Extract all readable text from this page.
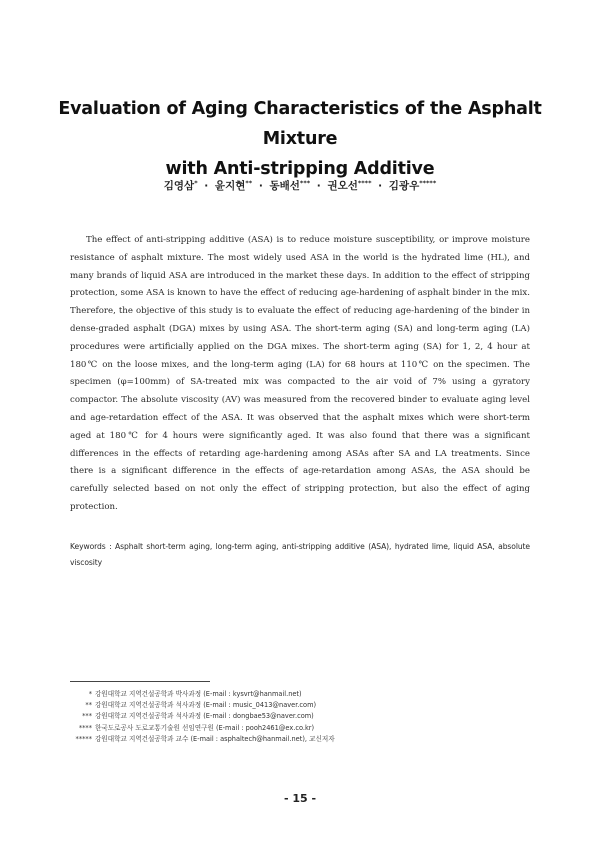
Evaluation of Aging Characteristics of the Asphalt Mixture
with Anti-stripping Additive
김영삼* · 윤지현** · 동배선*** · 권오선**** · 김광우*****

The effect of anti-stripping additive (ASA) is to reduce moisture susceptibility, or improve moisture resistance of asphalt mixture. The most widely used ASA in the world is the hydrated lime (HL), and many brands of liquid ASA are introduced in the market these days. In addition to the effect of stripping protection, some ASA is known to have the effect of reducing age-hardening of asphalt binder in the mix. Therefore, the objective of this study is to evaluate the effect of reducing age-hardening of the binder in dense-graded asphalt (DGA) mixes by using ASA. The short-term aging (SA) and long-term aging (LA) procedures were artificially applied on the DGA mixes. The short-term aging (SA) for 1, 2, 4 hour at 180℃ on the loose mixes, and the long-term aging (LA) for 68 hours at 110℃ on the specimen. The specimen (φ=100mm) of SA-treated mix was compacted to the air void of 7% using a gyratory compactor. The absolute viscosity (AV) was measured from the recovered binder to evaluate aging level and age-retardation effect of the ASA. It was observed that the asphalt mixes which were short-term aged at 180℃ for 4 hours were significantly aged. It was also found that there was a significant differences in the effects of retarding age-hardening among ASAs after SA and LA treatments. Since there is a significant difference in the effects of age-retardation among ASAs, the ASA should be carefully selected based on not only the effect of stripping protection, but also the effect of aging protection.

Keywords : Asphalt short-term aging, long-term aging, anti-stripping additive (ASA), hydrated lime, liquid ASA, absolute viscosity

* 강원대학교 지역건설공학과 박사과정 (E-mail : kysvrt@hanmail.net)
** 강원대학교 지역건설공학과 석사과정 (E-mail : music_0413@naver.com)
*** 강원대학교 지역건설공학과 석사과정 (E-mail : dongbae53@naver.com)
**** 한국도로공사 도로교통기술원 선임연구원 (E-mail : pooh2461@ex.co.kr)
***** 강원대학교 지역건설공학과 교수 (E-mail : asphaltech@hanmail.net), 교신저자
- 15 -
